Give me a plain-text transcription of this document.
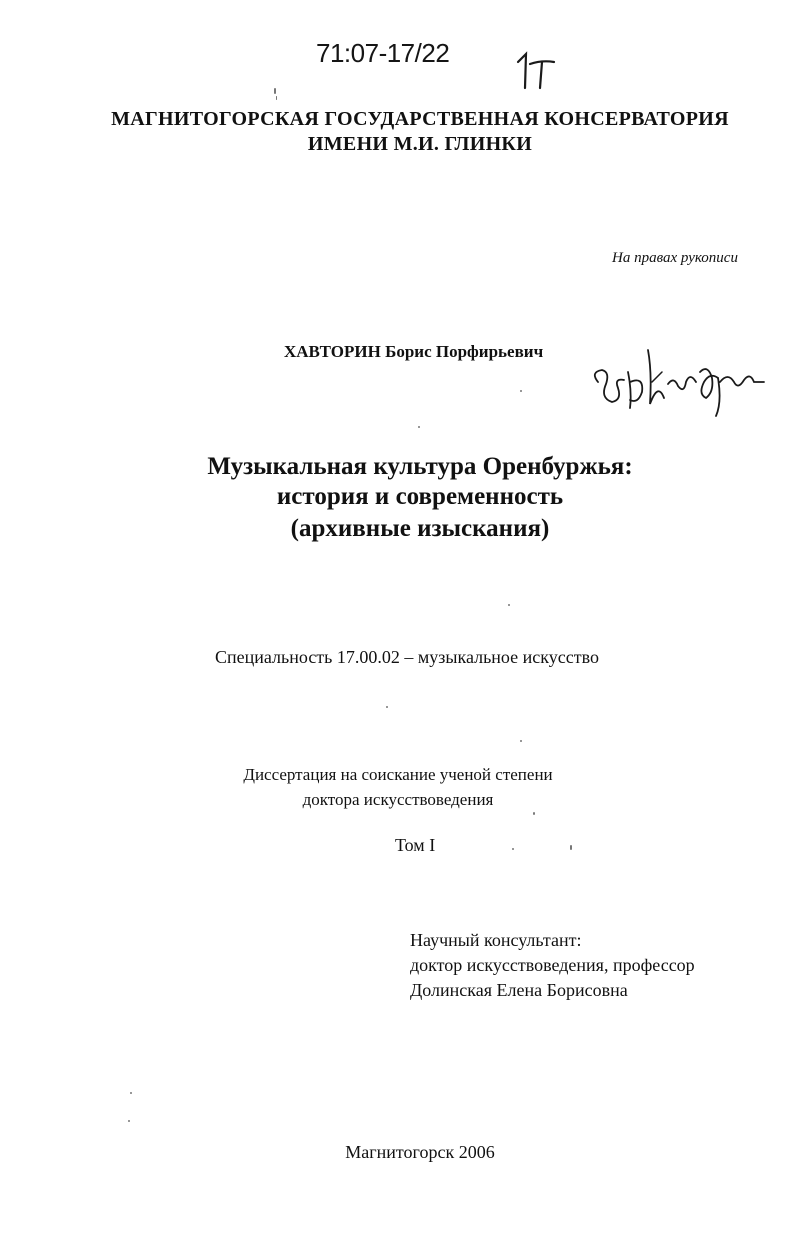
71:07-17/22
МАГНИТОГОРСКАЯ ГОСУДАРСТВЕННАЯ КОНСЕРВАТОРИЯ
ИМЕНИ М.И. ГЛИНКИ
На правах рукописи
ХАВТОРИН Борис Порфирьевич
Музыкальная культура Оренбуржья:
история и современность
(архивные изыскания)
Специальность 17.00.02 – музыкальное искусство
Диссертация на соискание ученой степени
доктора искусствоведения
Том I
Научный консультант:
доктор искусствоведения, профессор
Долинская Елена Борисовна
Магнитогорск 2006
